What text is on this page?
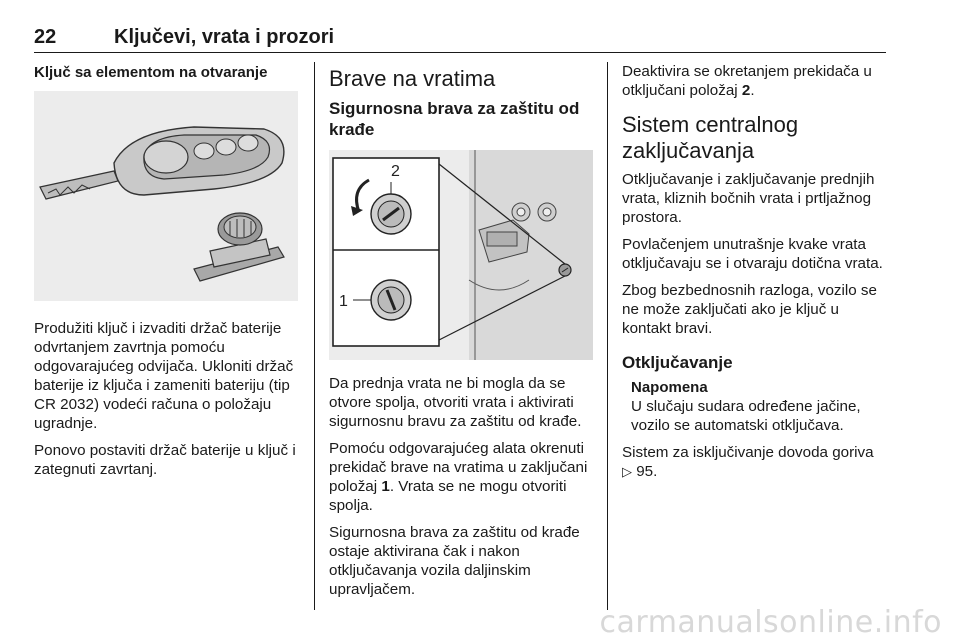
22	Ključevi, vrata i prozori
Ključ sa elementom na otvaranje

Produžiti ključ i izvaditi držač baterije odvrtanjem zavrtnja pomoću odgovarajućeg odvijača. Ukloniti držač baterije iz ključa i zameniti bateriju (tip CR 2032) vodeći računa o položaju ugradnje.

Ponovo postaviti držač baterije u ključ i zategnuti zavrtanj.

Brave na vratima
Sigurnosna brava za zaštitu od krađe
2
1

Da prednja vrata ne bi mogla da se otvore spolja, otvoriti vrata i aktivirati sigurnosnu bravu za zaštitu od krađe.

Pomoću odgovarajućeg alata okrenuti prekidač brave na vratima u zaključani položaj 1. Vrata se ne mogu otvoriti spolja.

Sigurnosna brava za zaštitu od krađe ostaje aktivirana čak i nakon otključavanja vozila daljinskim upravljačem.

Deaktivira se okretanjem prekidača u otključani položaj 2.

Sistem centralnog zaključavanja

Otključavanje i zaključavanje prednjih vrata, kliznih bočnih vrata i prtljažnog prostora.

Povlačenjem unutrašnje kvake vrata otključavaju se i otvaraju dotična vrata.

Zbog bezbednosnih razloga, vozilo se ne može zaključati ako je ključ u kontakt bravi.

Otključavanje
Napomena

U slučaju sudara određene jačine, vozilo se automatski otključava.

Sistem za isključivanje dovoda goriva
▷ 95.

carmanualsonline.info
